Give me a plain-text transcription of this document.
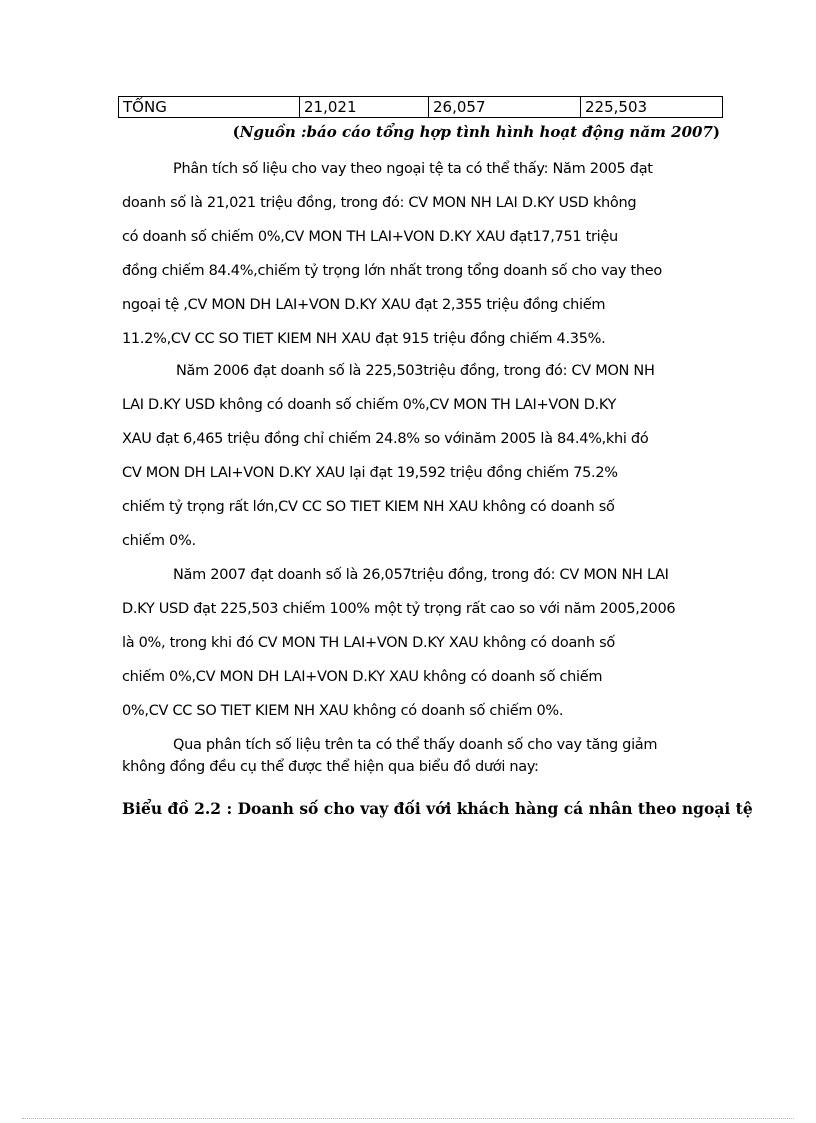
TỔNG	21,021	26,057	225,503
(Nguồn :báo cáo tổng hợp tình hình hoạt động năm 2007)

Phân tích số liệu cho vay theo ngoại tệ ta có thể thấy: Năm 2005 đạt

doanh số là 21,021 triệu đồng, trong đó: CV MON NH LAI D.KY USD không

có doanh số chiếm 0%,CV MON TH LAI+VON D.KY XAU đạt17,751 triệu

đồng chiếm 84.4%,chiếm tỷ trọng lớn nhất trong tổng doanh số cho vay theo

ngoại tệ ,CV MON DH LAI+VON D.KY XAU đạt 2,355 triệu đồng chiếm

11.2%,CV CC SO TIET KIEM NH XAU đạt 915 triệu đồng chiếm 4.35%.

Năm 2006 đạt doanh số là 225,503triệu đồng, trong đó: CV MON NH

LAI D.KY USD không có doanh số chiếm 0%,CV MON TH LAI+VON D.KY

XAU đạt 6,465 triệu đồng chỉ chiếm 24.8% so vớinăm 2005 là 84.4%,khi đó

CV MON DH LAI+VON D.KY XAU lại đạt 19,592 triệu đồng chiếm 75.2%

chiếm tỷ trọng rất lớn,CV CC SO TIET KIEM NH XAU không có doanh số

chiếm 0%.

Năm 2007 đạt doanh số là 26,057triệu đồng, trong đó: CV MON NH LAI

D.KY USD đạt 225,503 chiếm 100% một tỷ trọng rất cao so với năm 2005,2006

là 0%, trong khi đó CV MON TH LAI+VON D.KY XAU không có doanh số

chiếm 0%,CV MON DH LAI+VON D.KY XAU không có doanh số chiếm

0%,CV CC SO TIET KIEM NH XAU không có doanh số chiếm 0%.

Qua phân tích số liệu trên ta có thể thấy doanh số cho vay tăng giảm

không đồng đều cụ thể được thể hiện qua biểu đồ dưới nay:

Biểu đồ 2.2 : Doanh số cho vay đối với khách hàng cá nhân theo ngoại tệ
